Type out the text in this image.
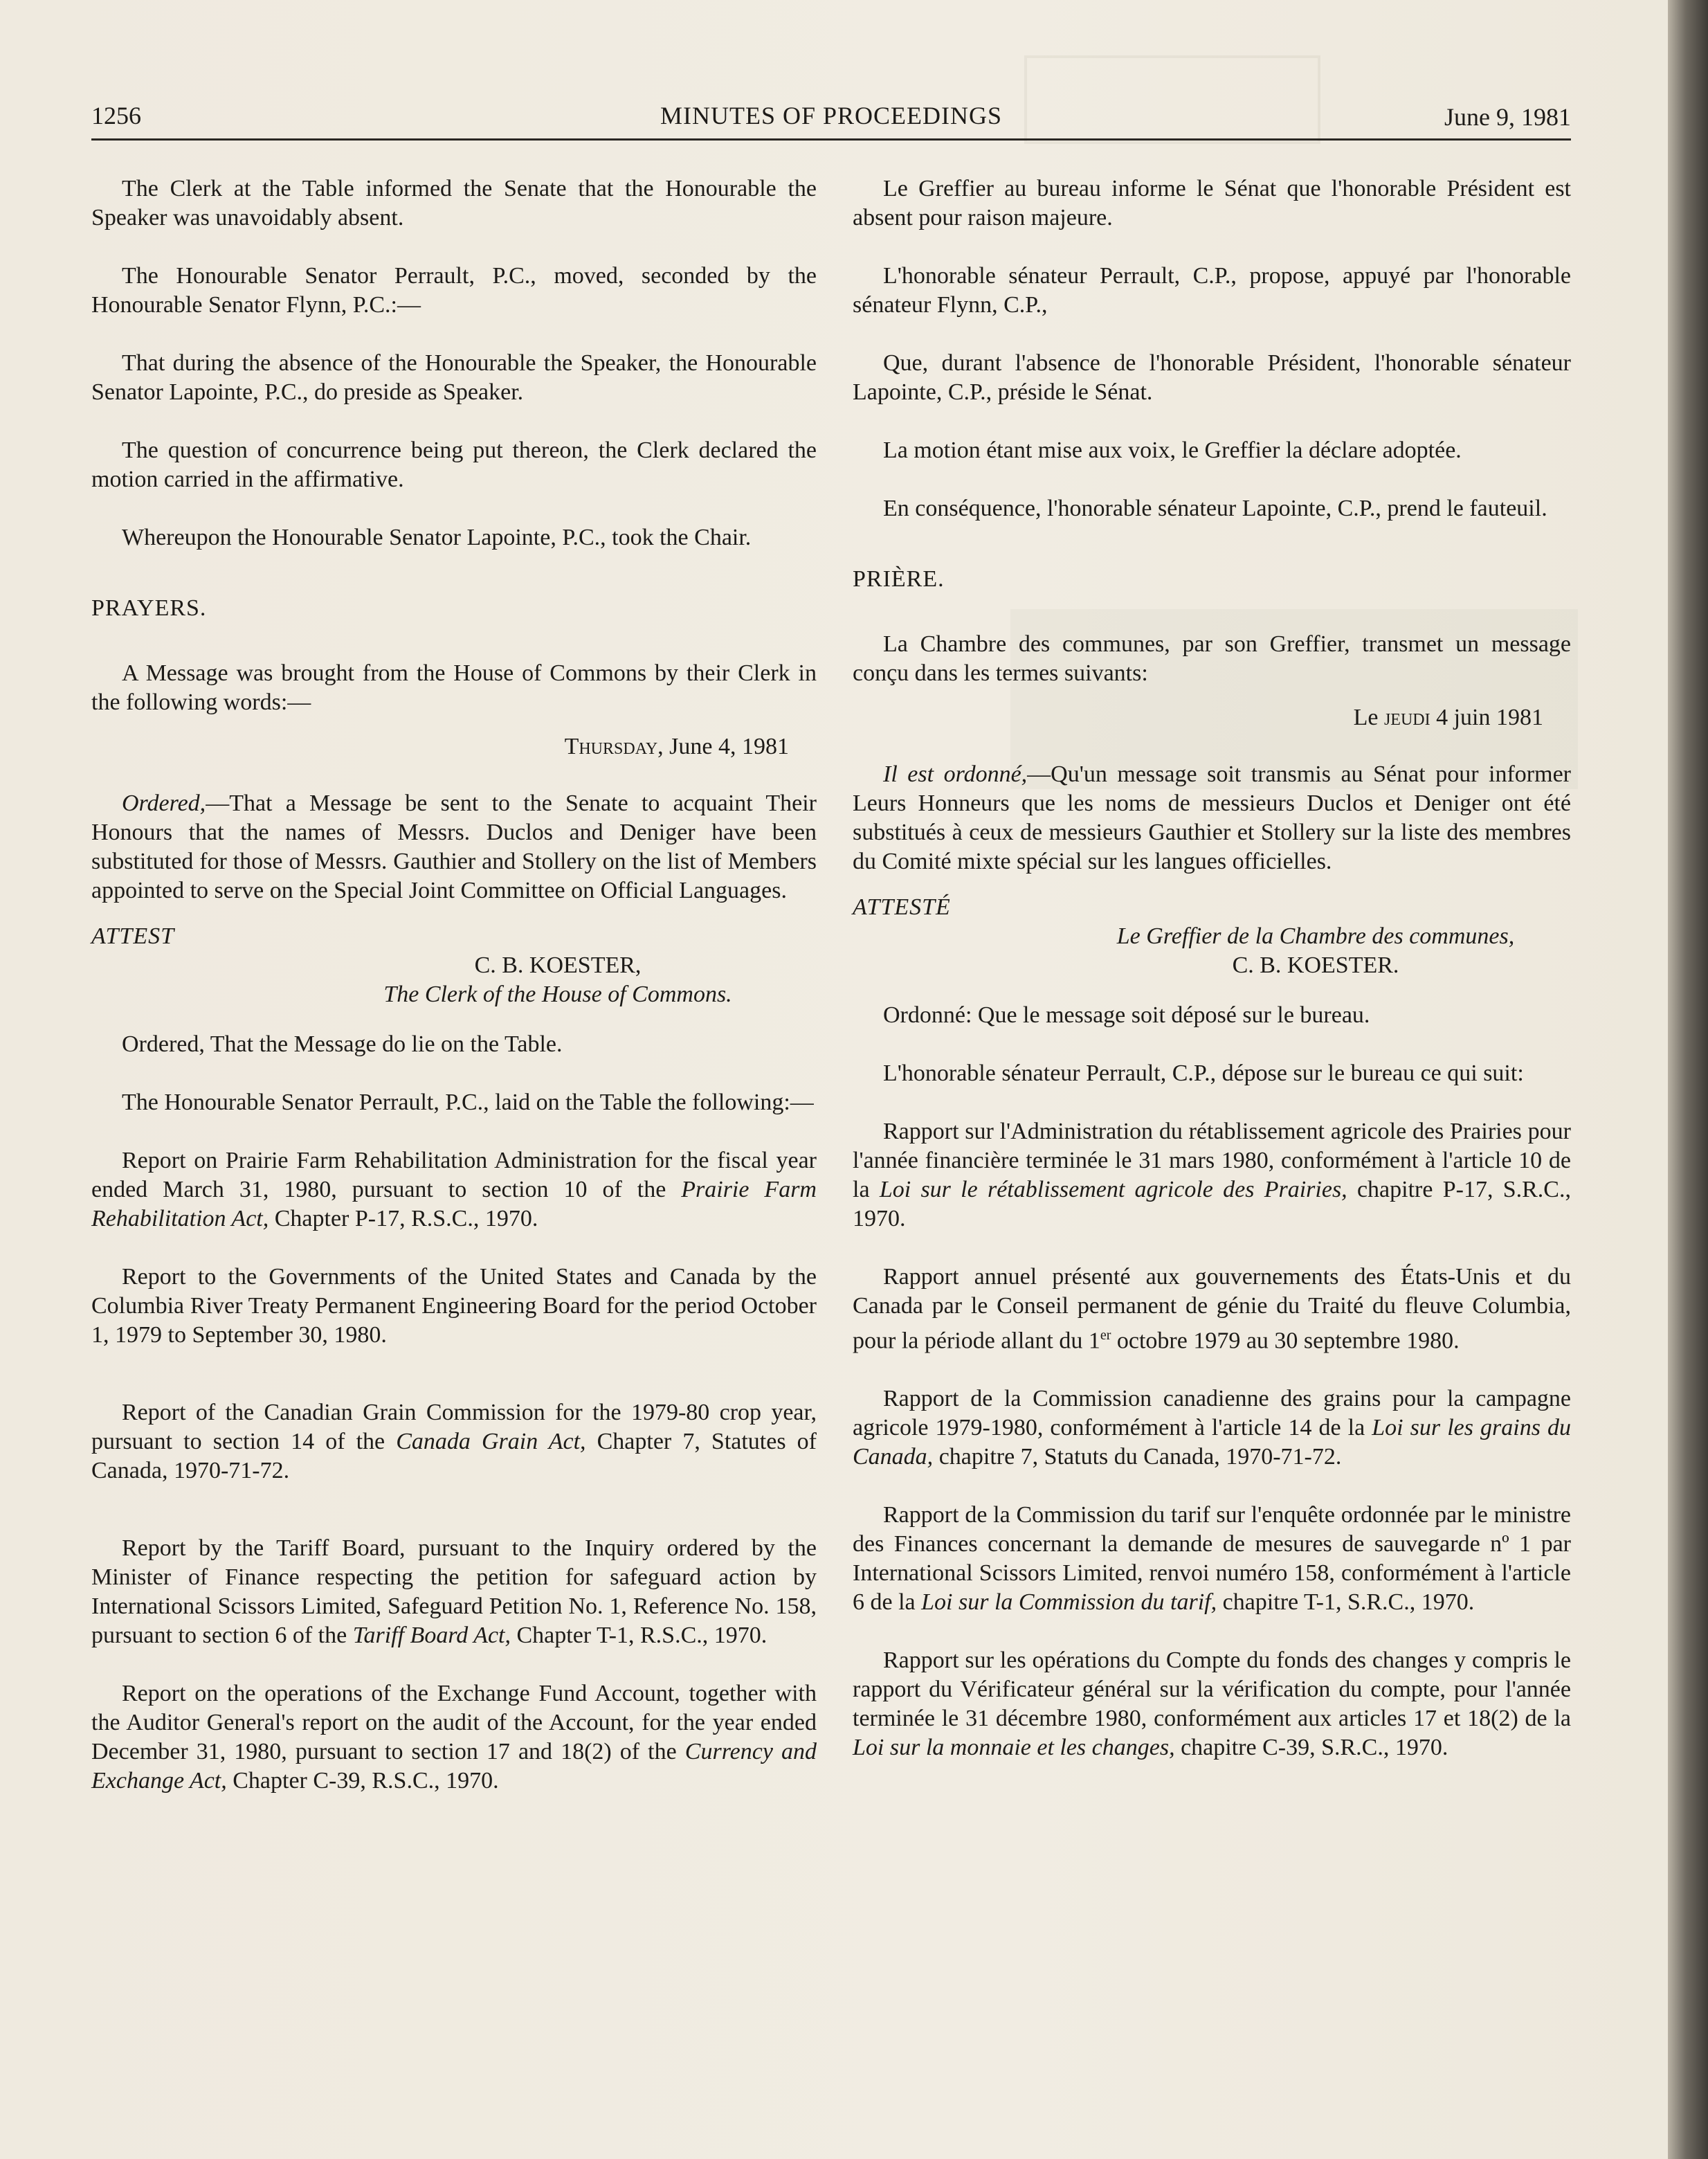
1256	MINUTES OF PROCEEDINGS	June 9, 1981

The Clerk at the Table informed the Senate that the Honourable the Speaker was unavoidably absent.

The Honourable Senator Perrault, P.C., moved, seconded by the Honourable Senator Flynn, P.C.:—

That during the absence of the Honourable the Speaker, the Honourable Senator Lapointe, P.C., do preside as Speaker.

The question of concurrence being put thereon, the Clerk declared the motion carried in the affirmative.

Whereupon the Honourable Senator Lapointe, P.C., took the Chair.

PRAYERS.

A Message was brought from the House of Commons by their Clerk in the following words:—

Thursday, June 4, 1981

Ordered,—That a Message be sent to the Senate to acquaint Their Honours that the names of Messrs. Duclos and Deniger have been substituted for those of Messrs. Gauthier and Stollery on the list of Members appointed to serve on the Special Joint Committee on Official Languages.

ATTEST

C. B. KOESTER,
The Clerk of the House of Commons.

Ordered, That the Message do lie on the Table.

The Honourable Senator Perrault, P.C., laid on the Table the following:—

Report on Prairie Farm Rehabilitation Administration for the fiscal year ended March 31, 1980, pursuant to section 10 of the Prairie Farm Rehabilitation Act, Chapter P-17, R.S.C., 1970.

Report to the Governments of the United States and Canada by the Columbia River Treaty Permanent Engineering Board for the period October 1, 1979 to September 30, 1980.

Report of the Canadian Grain Commission for the 1979-80 crop year, pursuant to section 14 of the Canada Grain Act, Chapter 7, Statutes of Canada, 1970-71-72.

Report by the Tariff Board, pursuant to the Inquiry ordered by the Minister of Finance respecting the petition for safeguard action by International Scissors Limited, Safeguard Petition No. 1, Reference No. 158, pursuant to section 6 of the Tariff Board Act, Chapter T-1, R.S.C., 1970.

Report on the operations of the Exchange Fund Account, together with the Auditor General's report on the audit of the Account, for the year ended December 31, 1980, pursuant to section 17 and 18(2) of the Currency and Exchange Act, Chapter C-39, R.S.C., 1970.

Le Greffier au bureau informe le Sénat que l'honorable Président est absent pour raison majeure.

L'honorable sénateur Perrault, C.P., propose, appuyé par l'honorable sénateur Flynn, C.P.,

Que, durant l'absence de l'honorable Président, l'honorable sénateur Lapointe, C.P., préside le Sénat.

La motion étant mise aux voix, le Greffier la déclare adoptée.

En conséquence, l'honorable sénateur Lapointe, C.P., prend le fauteuil.

PRIÈRE.

La Chambre des communes, par son Greffier, transmet un message conçu dans les termes suivants:

Le jeudi 4 juin 1981

Il est ordonné,—Qu'un message soit transmis au Sénat pour informer Leurs Honneurs que les noms de messieurs Duclos et Deniger ont été substitués à ceux de messieurs Gauthier et Stollery sur la liste des membres du Comité mixte spécial sur les langues officielles.

ATTESTÉ

Le Greffier de la Chambre des communes,
C. B. KOESTER.

Ordonné: Que le message soit déposé sur le bureau.

L'honorable sénateur Perrault, C.P., dépose sur le bureau ce qui suit:

Rapport sur l'Administration du rétablissement agricole des Prairies pour l'année financière terminée le 31 mars 1980, conformément à l'article 10 de la Loi sur le rétablissement agricole des Prairies, chapitre P-17, S.R.C., 1970.

Rapport annuel présenté aux gouvernements des États-Unis et du Canada par le Conseil permanent de génie du Traité du fleuve Columbia, pour la période allant du 1er octobre 1979 au 30 septembre 1980.

Rapport de la Commission canadienne des grains pour la campagne agricole 1979-1980, conformément à l'article 14 de la Loi sur les grains du Canada, chapitre 7, Statuts du Canada, 1970-71-72.

Rapport de la Commission du tarif sur l'enquête ordonnée par le ministre des Finances concernant la demande de mesures de sauvegarde nº 1 par International Scissors Limited, renvoi numéro 158, conformément à l'article 6 de la Loi sur la Commission du tarif, chapitre T-1, S.R.C., 1970.

Rapport sur les opérations du Compte du fonds des changes y compris le rapport du Vérificateur général sur la vérification du compte, pour l'année terminée le 31 décembre 1980, conformément aux articles 17 et 18(2) de la Loi sur la monnaie et les changes, chapitre C-39, S.R.C., 1970.
